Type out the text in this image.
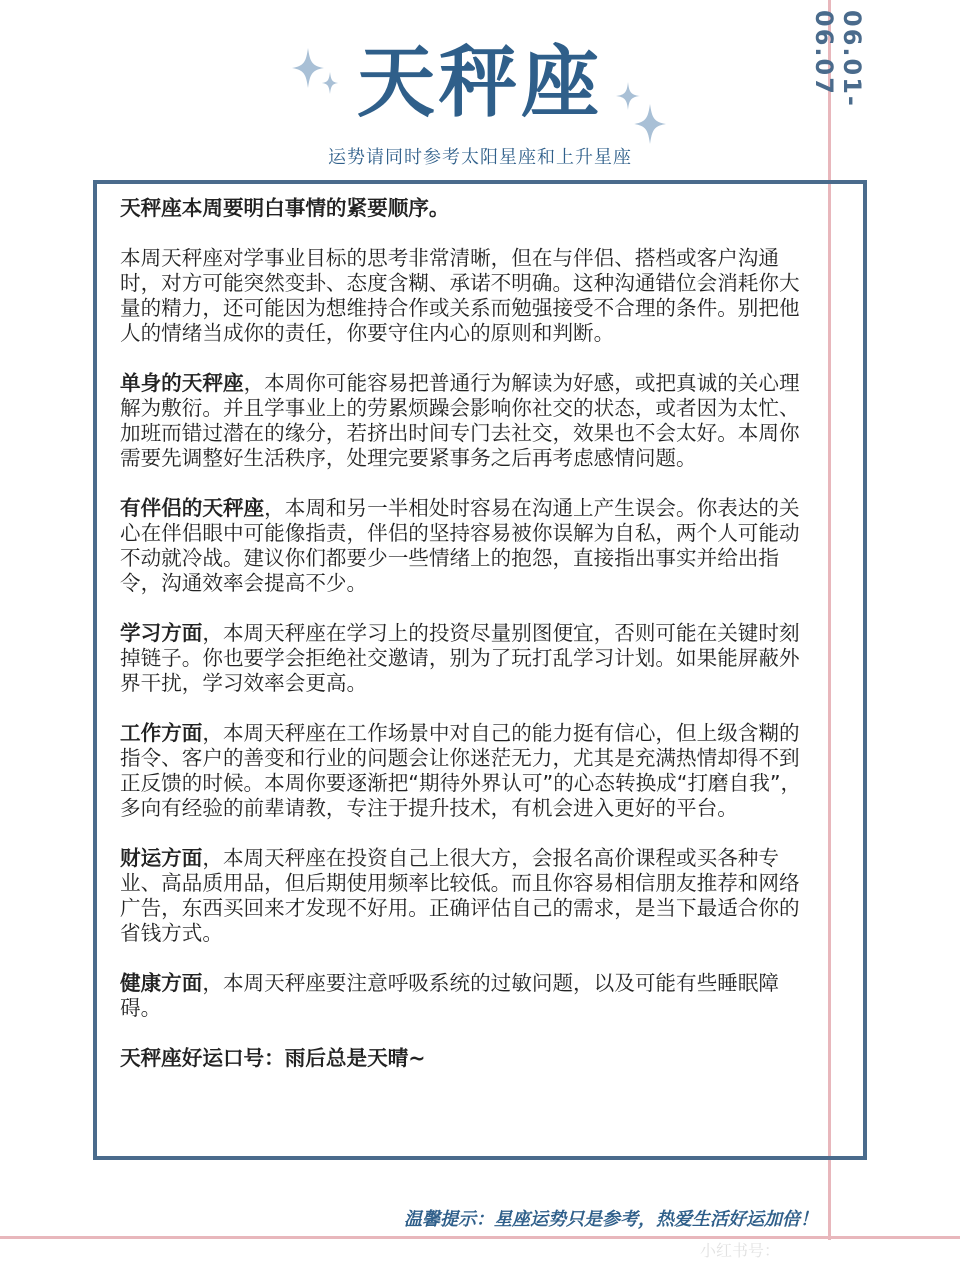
06.01-06.07
天秤座
运势请同时参考太阳星座和上升星座

天秤座本周要明白事情的紧要顺序。

本周天秤座对学事业目标的思考非常清晰，但在与伴侣、搭档或客户沟通时，对方可能突然变卦、态度含糊、承诺不明确。这种沟通错位会消耗你大量的精力，还可能因为想维持合作或关系而勉强接受不合理的条件。别把他人的情绪当成你的责任，你要守住内心的原则和判断。

单身的天秤座，本周你可能容易把普通行为解读为好感，或把真诚的关心理解为敷衍。并且学事业上的劳累烦躁会影响你社交的状态，或者因为太忙、加班而错过潜在的缘分，若挤出时间专门去社交，效果也不会太好。本周你需要先调整好生活秩序，处理完要紧事务之后再考虑感情问题。

有伴侣的天秤座，本周和另一半相处时容易在沟通上产生误会。你表达的关心在伴侣眼中可能像指责，伴侣的坚持容易被你误解为自私，两个人可能动不动就冷战。建议你们都要少一些情绪上的抱怨，直接指出事实并给出指令，沟通效率会提高不少。

学习方面，本周天秤座在学习上的投资尽量别图便宜，否则可能在关键时刻掉链子。你也要学会拒绝社交邀请，别为了玩打乱学习计划。如果能屏蔽外界干扰，学习效率会更高。

工作方面，本周天秤座在工作场景中对自己的能力挺有信心，但上级含糊的指令、客户的善变和行业的问题会让你迷茫无力，尤其是充满热情却得不到正反馈的时候。本周你要逐渐把“期待外界认可”的心态转换成“打磨自我”，多向有经验的前辈请教，专注于提升技术，有机会进入更好的平台。

财运方面，本周天秤座在投资自己上很大方，会报名高价课程或买各种专业、高品质用品，但后期使用频率比较低。而且你容易相信朋友推荐和网络广告，东西买回来才发现不好用。正确评估自己的需求，是当下最适合你的省钱方式。

健康方面，本周天秤座要注意呼吸系统的过敏问题，以及可能有些睡眠障碍。

天秤座好运口号：雨后总是天晴~

温馨提示：星座运势只是参考，热爱生活好运加倍！
小红书号：
